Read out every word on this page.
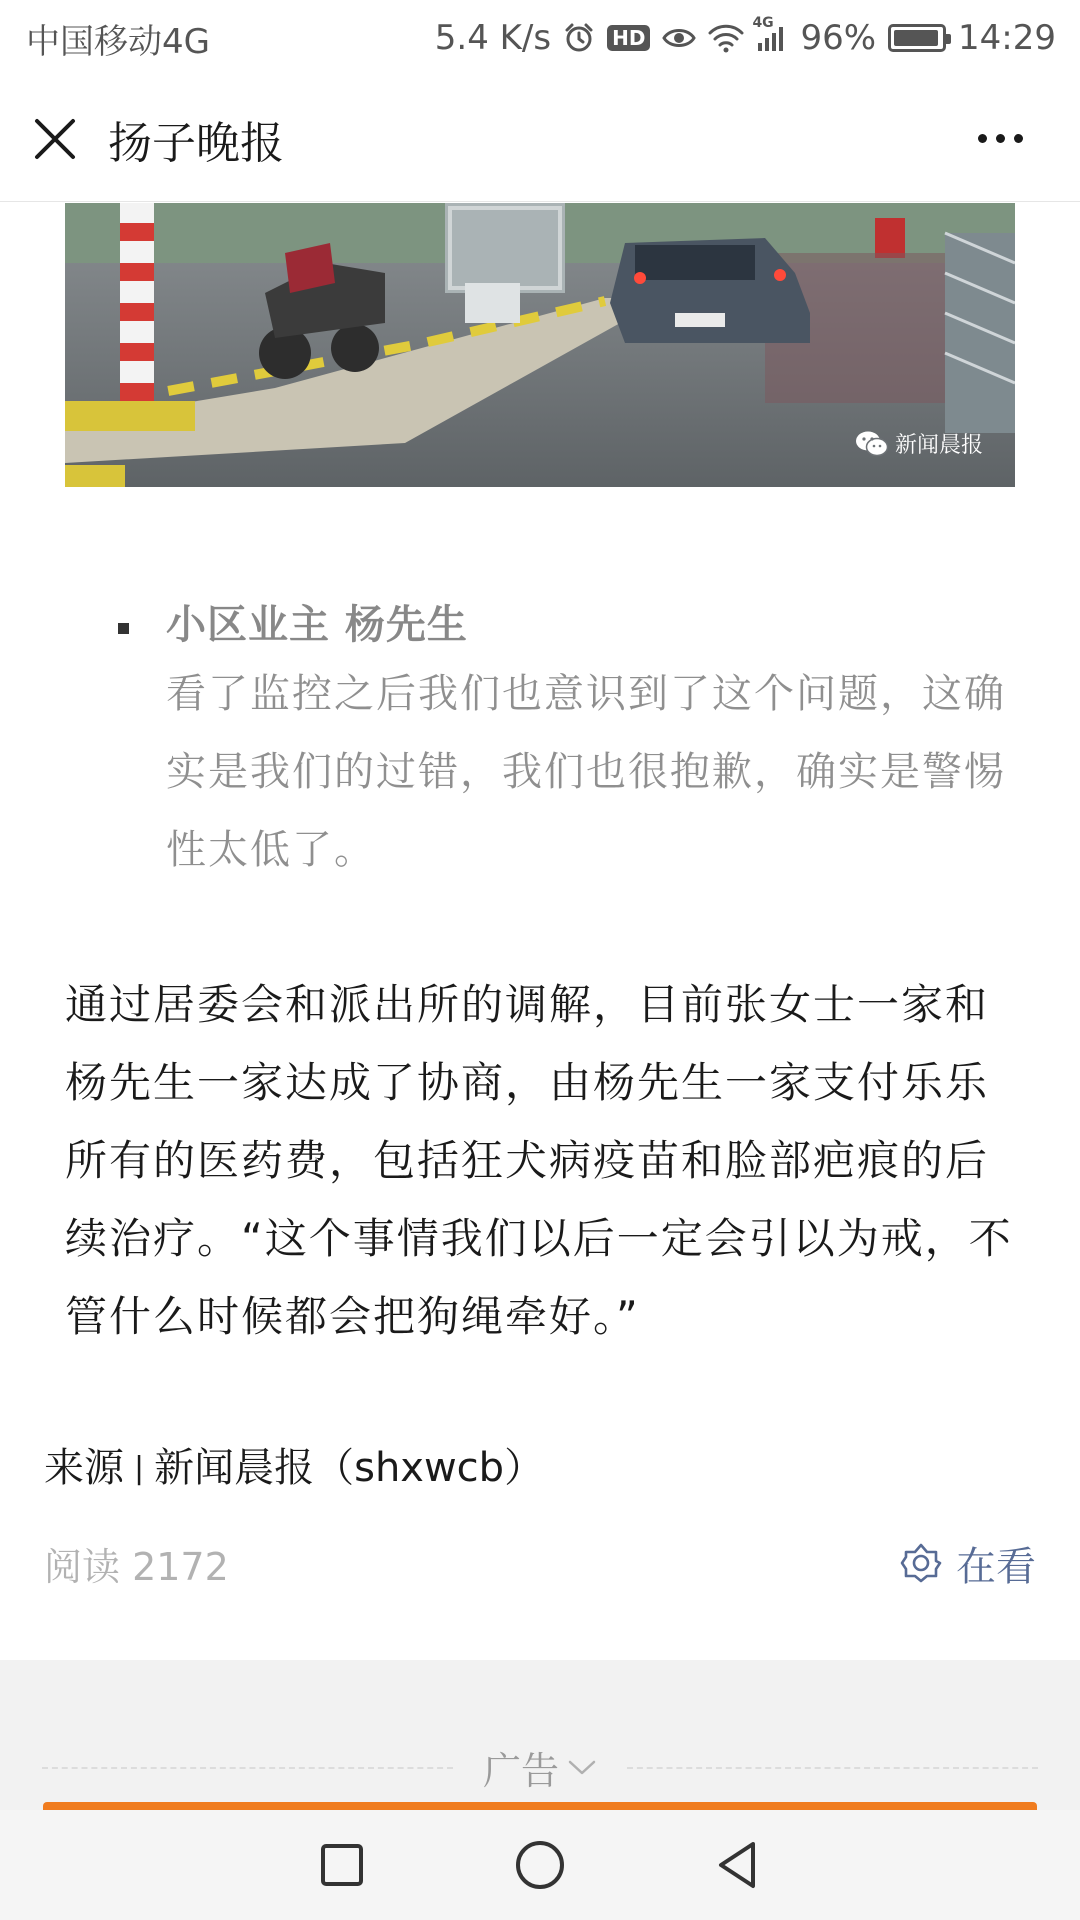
中国移动4G	5.4 K/s	HD
4G 96% 14:29
扬子晚报
新闻晨报
小区业主 杨先生
看了监控之后我们也意识到了这个问题，这确实是我们的过错，我们也很抱歉，确实是警惕性太低了。
通过居委会和派出所的调解，目前张女士一家和杨先生一家达成了协商，由杨先生一家支付乐乐所有的医药费，包括狂犬病疫苗和脸部疤痕的后续治疗。“这个事情我们以后一定会引以为戒，不管什么时候都会把狗绳牵好。”
来源 | 新闻晨报（shxwcb）
阅读 2172	在看
广告
